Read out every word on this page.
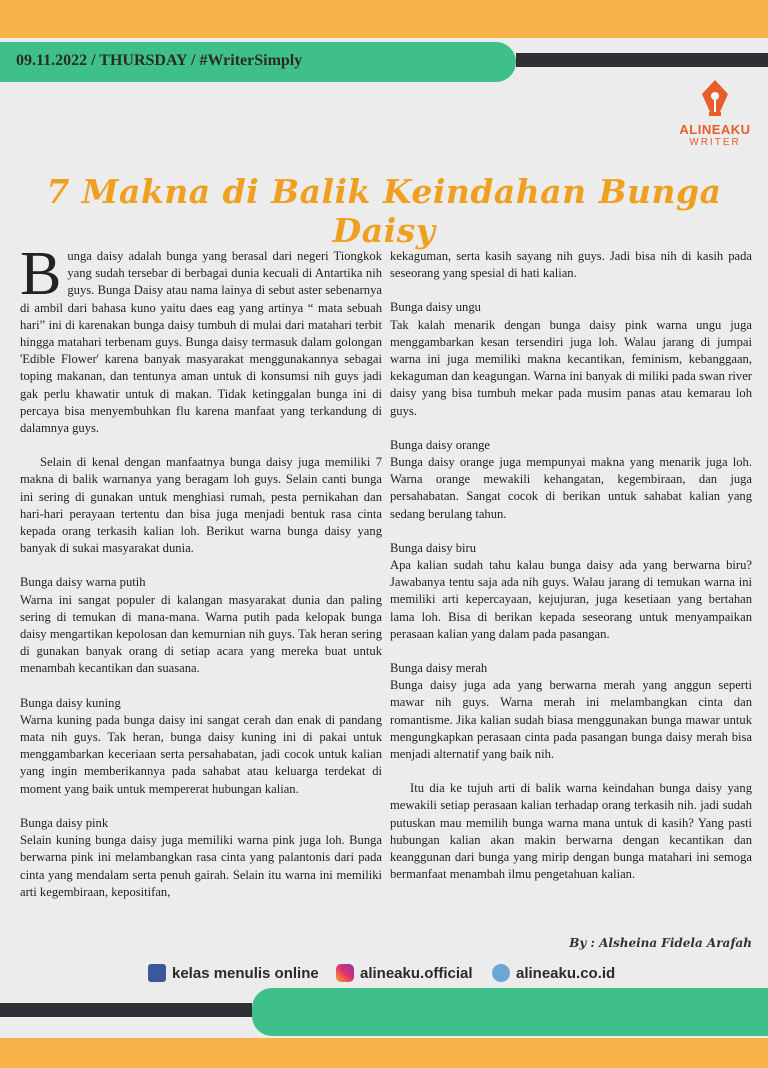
09.11.2022 / THURSDAY / #WriterSimply
ALINEAKU
WRITER
7 Makna di Balik Keindahan Bunga Daisy

Bunga daisy adalah bunga yang berasal dari negeri Tiongkok yang sudah tersebar di berbagai dunia kecuali di Antartika nih guys. Bunga Daisy atau nama lainya di sebut aster sebenarnya di ambil dari bahasa kuno yaitu daes eag yang artinya “ mata sebuah hari” ini di karenakan bunga daisy tumbuh di mulai dari matahari terbit hingga matahari terbenam guys. Bunga daisy termasuk dalam golongan 'Edible Flower' karena banyak masyarakat menggunakannya sebagai toping makanan, dan tentunya aman untuk di konsumsi nih guys jadi gak perlu khawatir untuk di makan. Tidak ketinggalan bunga ini di percaya bisa menyembuhkan flu karena manfaat yang terkandung di dalamnya guys.

Selain di kenal dengan manfaatnya bunga daisy juga memiliki 7 makna di balik warnanya yang beragam loh guys. Selain canti bunga ini sering di gunakan untuk menghiasi rumah, pesta pernikahan dan hari-hari perayaan tertentu dan bisa juga menjadi bentuk rasa cinta kepada orang terkasih kalian loh. Berikut warna bunga daisy yang banyak di sukai masyarakat dunia.

Bunga daisy warna putih
Warna ini sangat populer di kalangan masyarakat dunia dan paling sering di temukan di mana-mana. Warna putih pada kelopak bunga daisy mengartikan kepolosan dan kemurnian nih guys. Tak heran sering di gunakan banyak orang di setiap acara yang mereka buat untuk menambah kecantikan dan suasana.

Bunga daisy kuning
Warna kuning pada bunga daisy ini sangat cerah dan enak di pandang mata nih guys. Tak heran, bunga daisy kuning ini di pakai untuk menggambarkan keceriaan serta persahabatan, jadi cocok untuk kalian yang ingin memberikannya pada sahabat atau keluarga terdekat di moment yang baik untuk mempererat hubungan kalian.

Bunga daisy pink
Selain kuning bunga daisy juga memiliki warna pink juga loh. Bunga berwarna pink ini melambangkan rasa cinta yang palantonis dari pada cinta yang mendalam serta penuh gairah. Selain itu warna ini memiliki arti kegembiraan, kepositifan,

kekaguman, serta kasih sayang nih guys. Jadi bisa nih di kasih pada seseorang yang spesial di hati kalian.

Bunga daisy ungu
Tak kalah menarik dengan bunga daisy pink warna ungu juga menggambarkan kesan tersendiri juga loh. Walau jarang di jumpai warna ini juga memiliki makna kecantikan, feminism, kebanggaan, kekaguman dan keagungan. Warna ini banyak di miliki pada swan river daisy yang bisa tumbuh mekar pada musim panas atau kemarau loh guys.

Bunga daisy orange
Bunga daisy orange juga mempunyai makna yang menarik juga loh. Warna orange mewakili kehangatan, kegembiraan, dan juga persahabatan. Sangat cocok di berikan untuk sahabat kalian yang sedang berulang tahun.

Bunga daisy biru
Apa kalian sudah tahu kalau bunga daisy ada yang berwarna biru? Jawabanya tentu saja ada nih guys. Walau jarang di temukan warna ini memiliki arti kepercayaan, kejujuran, juga kesetiaan yang bertahan lama loh. Bisa di berikan kepada seseorang untuk menyampaikan perasaan kalian yang dalam pada pasangan.

Bunga daisy merah
Bunga daisy juga ada yang berwarna merah yang anggun seperti mawar nih guys. Warna merah ini melambangkan cinta dan romantisme. Jika kalian sudah biasa menggunakan bunga mawar untuk mengungkapkan perasaan cinta pada pasangan bunga daisy merah bisa menjadi alternatif yang baik nih.

Itu dia ke tujuh arti di balik warna keindahan bunga daisy yang mewakili setiap perasaan kalian terhadap orang terkasih nih. jadi sudah putuskan mau memilih bunga warna mana untuk di kasih? Yang pasti hubungan kalian akan makin berwarna dengan kecantikan dan keanggunan dari bunga yang mirip dengan bunga matahari ini semoga bermanfaat menambah ilmu pengetahuan kalian.

By : Alsheina Fidela Arafah
kelas menulis online	alineaku.official	alineaku.co.id
